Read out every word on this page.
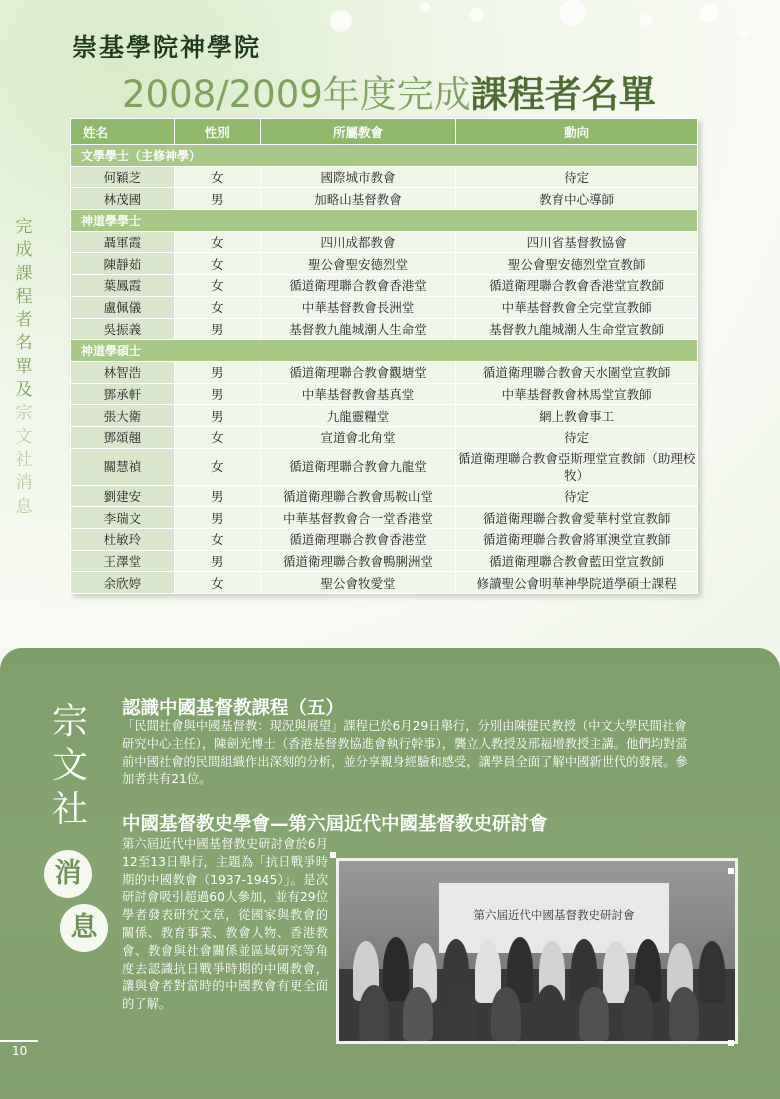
崇基學院神學院
2008/2009年度完成課程者名單
完成課程者名單及宗文社消息
姓名	性別	所屬教會	動向
文學學士（主修神學）			
何穎芝	女	國際城市教會	待定
林茂國	男	加略山基督教會	教育中心導師
神道學學士			
聶軍霞	女	四川成都教會	四川省基督教協會
陳靜茹	女	聖公會聖安德烈堂	聖公會聖安德烈堂宣教師
葉鳳霞	女	循道衛理聯合教會香港堂	循道衛理聯合教會香港堂宣教師
盧佩儀	女	中華基督教會長洲堂	中華基督教會全完堂宣教師
吳振義	男	基督教九龍城潮人生命堂	基督教九龍城潮人生命堂宣教師
神道學碩士			
林智浩	男	循道衛理聯合教會觀塘堂	循道衛理聯合教會天水圍堂宣教師
鄧承軒	男	中華基督教會基真堂	中華基督教會林馬堂宣教師
張大衛	男	九龍靈糧堂	網上教會事工
鄧頌翹	女	宣道會北角堂	待定
關慧禎	女	循道衛理聯合教會九龍堂	循道衛理聯合教會亞斯理堂宣教師（助理校牧）
劉建安	男	循道衛理聯合教會馬鞍山堂	待定
李瑞文	男	中華基督教會合一堂香港堂	循道衛理聯合教會愛華村堂宣教師
杜敏玲	女	循道衛理聯合教會香港堂	循道衛理聯合教會將軍澳堂宣教師
王澤堂	男	循道衛理聯合教會鴨脷洲堂	循道衛理聯合教會藍田堂宣教師
余欣婷	女	聖公會牧愛堂	修讀聖公會明華神學院道學碩士課程
宗文社
消
息
認識中國基督教課程（五）
「民間社會與中國基督教：現況與展望」課程已於6月29日舉行，分別由陳健民教授（中文大學民間社會研究中心主任），陳劍光博士（香港基督教協進會執行幹事），龔立人教授及邢福增教授主講。他們均對當前中國社會的民間組織作出深刻的分析，並分享親身經驗和感受，讓學員全面了解中國新世代的發展。參加者共有21位。
中國基督教史學會—第六屆近代中國基督教史研討會
第六屆近代中國基督教史研討會於6月12至13日舉行，主題為「抗日戰爭時期的中國教會（1937-1945）」。是次研討會吸引超過60人參加，並有29位學者發表研究文章，從國家與教會的關係、教育事業、教會人物、香港教會、教會與社會關係並區域研究等角度去認識抗日戰爭時期的中國教會，讓與會者對當時的中國教會有更全面的了解。
第六屆近代中國基督教史研討會
10
